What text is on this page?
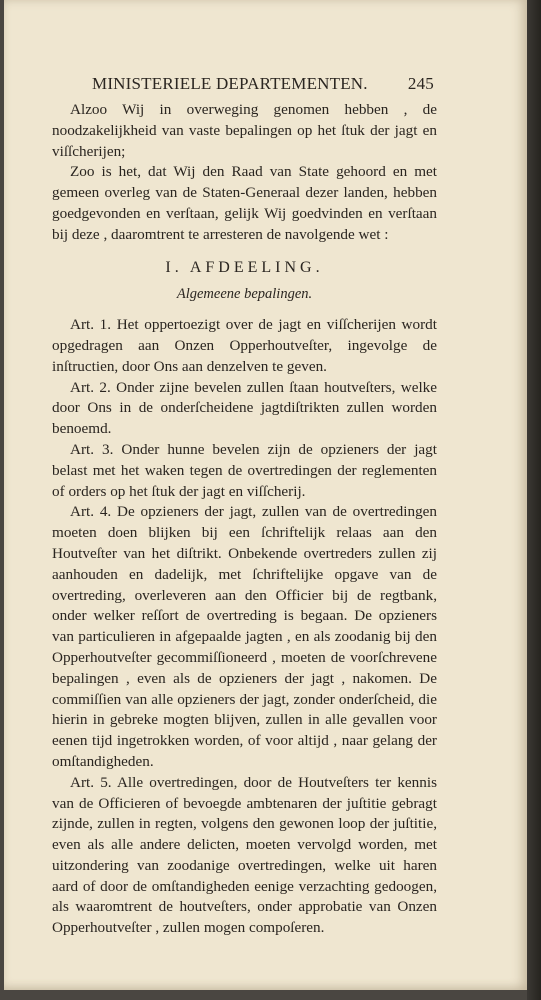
MINISTERIELE DEPARTEMENTEN. 245

Alzoo Wij in overweging genomen hebben , de noodzakelijkheid van vaste bepalingen op het ſtuk der jagt en viſſcherijen;

Zoo is het, dat Wij den Raad van State gehoord en met gemeen overleg van de Staten-Generaal dezer landen, hebben goedgevonden en verſtaan, gelijk Wij goedvinden en verſtaan bij deze , daaromtrent te arresteren de navolgende wet :

I. AFDEELING.

Algemeene bepalingen.

Art. 1. Het oppertoezigt over de jagt en viſſcherijen wordt opgedragen aan Onzen Opperhoutveſter, ingevolge de inſtructien, door Ons aan denzelven te geven.

Art. 2. Onder zijne bevelen zullen ſtaan houtveſters, welke door Ons in de onderſcheidene jagtdiſtrikten zullen worden benoemd.

Art. 3. Onder hunne bevelen zijn de opzieners der jagt belast met het waken tegen de overtredingen der reglementen of orders op het ſtuk der jagt en viſſcherij.

Art. 4. De opzieners der jagt, zullen van de overtredingen moeten doen blijken bij een ſchriftelijk relaas aan den Houtveſter van het diſtrikt. Onbekende overtreders zullen zij aanhouden en dadelijk, met ſchriftelijke opgave van de overtreding, overleveren aan den Officier bij de regtbank, onder welker reſſort de overtreding is begaan. De opzieners van particulieren in afgepaalde jagten , en als zoodanig bij den Opperhoutveſter gecommiſſioneerd , moeten de voorſchrevene bepalingen , even als de opzieners der jagt , nakomen. De commiſſien van alle opzieners der jagt, zonder onderſcheid, die hierin in gebreke mogten blijven, zullen in alle gevallen voor eenen tijd ingetrokken worden, of voor altijd , naar gelang der omſtandigheden.

Art. 5. Alle overtredingen, door de Houtveſters ter kennis van de Officieren of bevoegde ambtenaren der juſtitie gebragt zijnde, zullen in regten, volgens den gewonen loop der juſtitie, even als alle andere delicten, moeten vervolgd worden, met uitzondering van zoodanige overtredingen, welke uit haren aard of door de omſtandigheden eenige verzachting gedoogen, als waaromtrent de houtveſters, onder approbatie van Onzen Opperhoutveſter , zullen mogen compoſeren.
